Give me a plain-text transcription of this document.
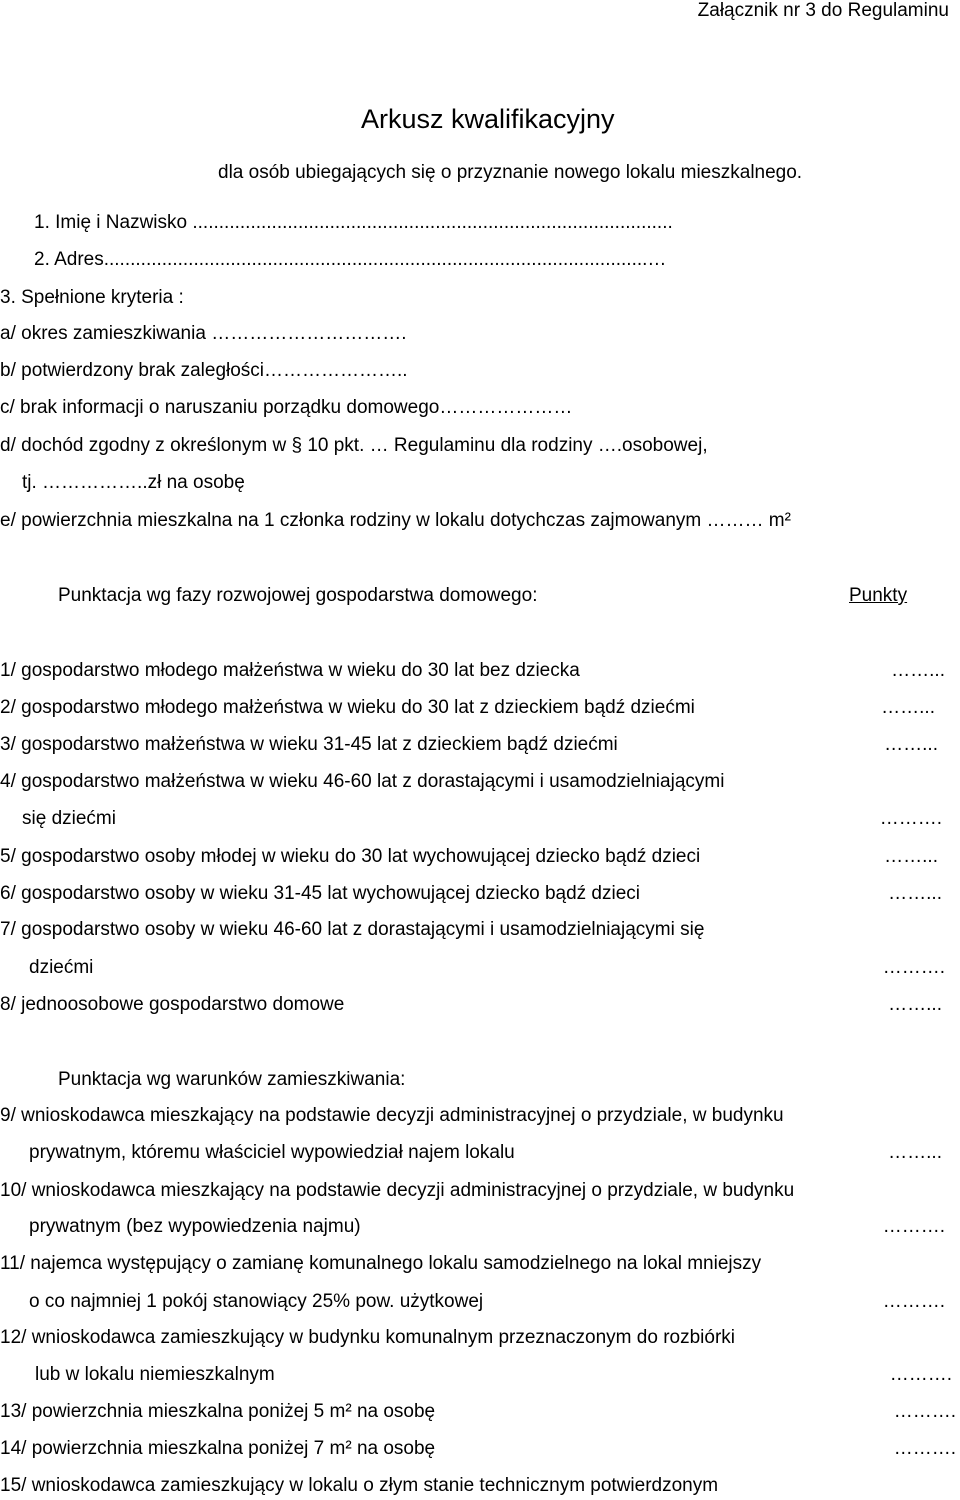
Załącznik nr 3 do Regulaminu
Arkusz kwalifikacyjny
dla osób ubiegających się o przyznanie nowego lokalu mieszkalnego.
1. Imię i Nazwisko ...........................................................................................
2. Adres.......................................................................................................…
3. Spełnione kryteria :
a/ okres zamieszkiwania ………………………….
b/ potwierdzony brak zaległości…………………..
c/ brak informacji o naruszaniu porządku domowego…………………
d/ dochód zgodny z określonym w § 10 pkt. … Regulaminu dla rodziny ….osobowej,
tj. ……………..zł na osobę
e/ powierzchnia mieszkalna na 1 członka rodziny w lokalu dotychczas zajmowanym ……… m²
Punktacja wg fazy rozwojowej gospodarstwa domowego:	Punkty
1/ gospodarstwo młodego małżeństwa w wieku do 30 lat bez dziecka	……...
2/ gospodarstwo młodego małżeństwa w wieku do 30 lat z dzieckiem bądź dziećmi	……...
3/ gospodarstwo małżeństwa w wieku 31-45 lat z dzieckiem bądź dziećmi	……...
4/ gospodarstwo małżeństwa w wieku 46-60 lat z dorastającymi i usamodzielniającymi
się dziećmi	……….
5/ gospodarstwo osoby młodej w wieku do 30 lat wychowującej dziecko bądź dzieci	……...
6/ gospodarstwo osoby w wieku 31-45 lat wychowującej dziecko bądź dzieci	……...
7/ gospodarstwo osoby w wieku 46-60 lat z dorastającymi i usamodzielniającymi się
dziećmi	……….
8/ jednoosobowe gospodarstwo domowe	……...
Punktacja wg warunków zamieszkiwania:
9/ wnioskodawca mieszkający na podstawie decyzji administracyjnej o przydziale, w budynku
prywatnym, któremu właściciel wypowiedział najem lokalu	……...
10/ wnioskodawca mieszkający na podstawie decyzji administracyjnej o przydziale, w budynku
prywatnym (bez wypowiedzenia najmu)	……….
11/ najemca występujący o zamianę komunalnego lokalu samodzielnego na lokal mniejszy
o co najmniej 1 pokój stanowiący 25% pow. użytkowej	……….
12/ wnioskodawca zamieszkujący w budynku komunalnym przeznaczonym do rozbiórki
lub w lokalu niemieszkalnym	……….
13/ powierzchnia mieszkalna poniżej 5 m² na osobę	……….
14/ powierzchnia mieszkalna poniżej 7 m² na osobę	……….
15/ wnioskodawca zamieszkujący w lokalu o złym stanie technicznym potwierdzonym
